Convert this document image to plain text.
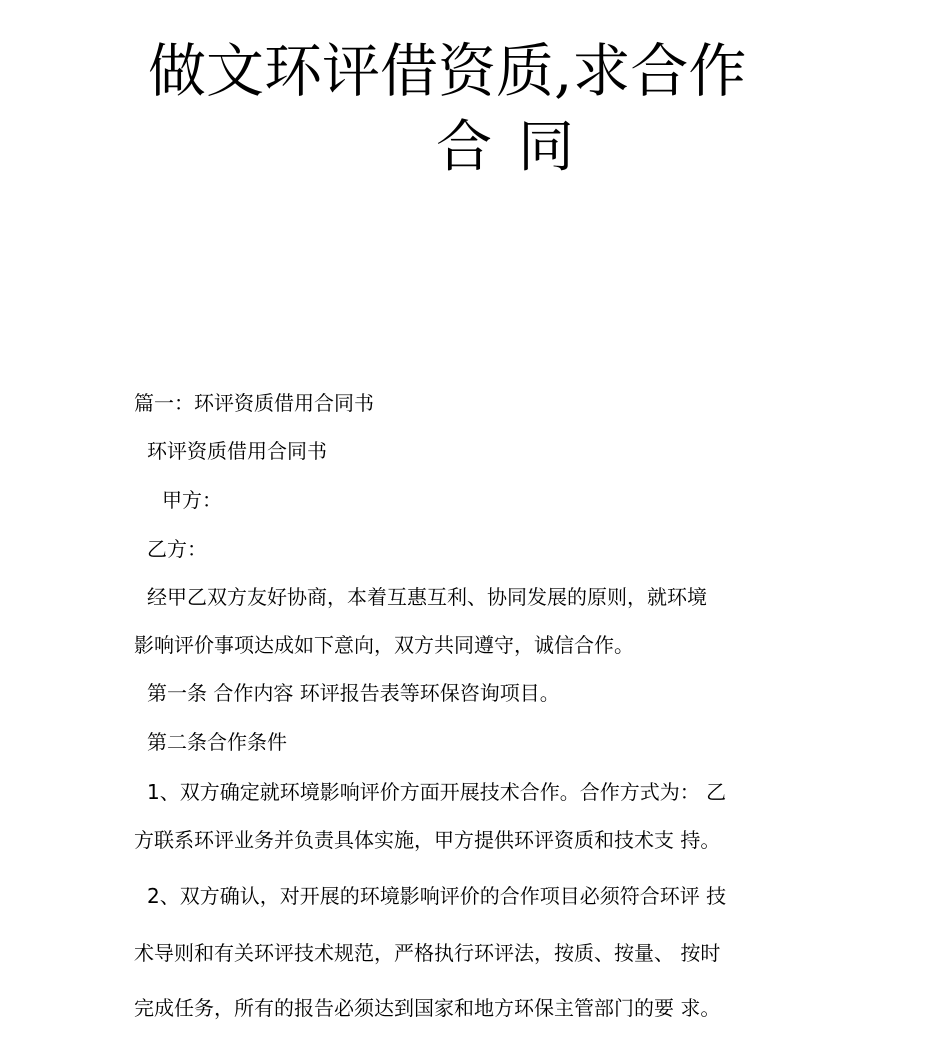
做文环评借资质,求合作
合同
篇一：环评资质借用合同书
环评资质借用合同书
甲方：
乙方：
经甲乙双方友好协商，本着互惠互利、协同发展的原则，就环境
影响评价事项达成如下意向，双方共同遵守，诚信合作。
第一条 合作内容 环评报告表等环保咨询项目。
第二条合作条件
1、双方确定就环境影响评价方面开展技术合作。合作方式为： 乙
方联系环评业务并负责具体实施，甲方提供环评资质和技术支 持。
2、双方确认，对开展的环境影响评价的合作项目必须符合环评 技
术导则和有关环评技术规范，严格执行环评法，按质、按量、 按时
完成任务，所有的报告必须达到国家和地方环保主管部门的要 求。
